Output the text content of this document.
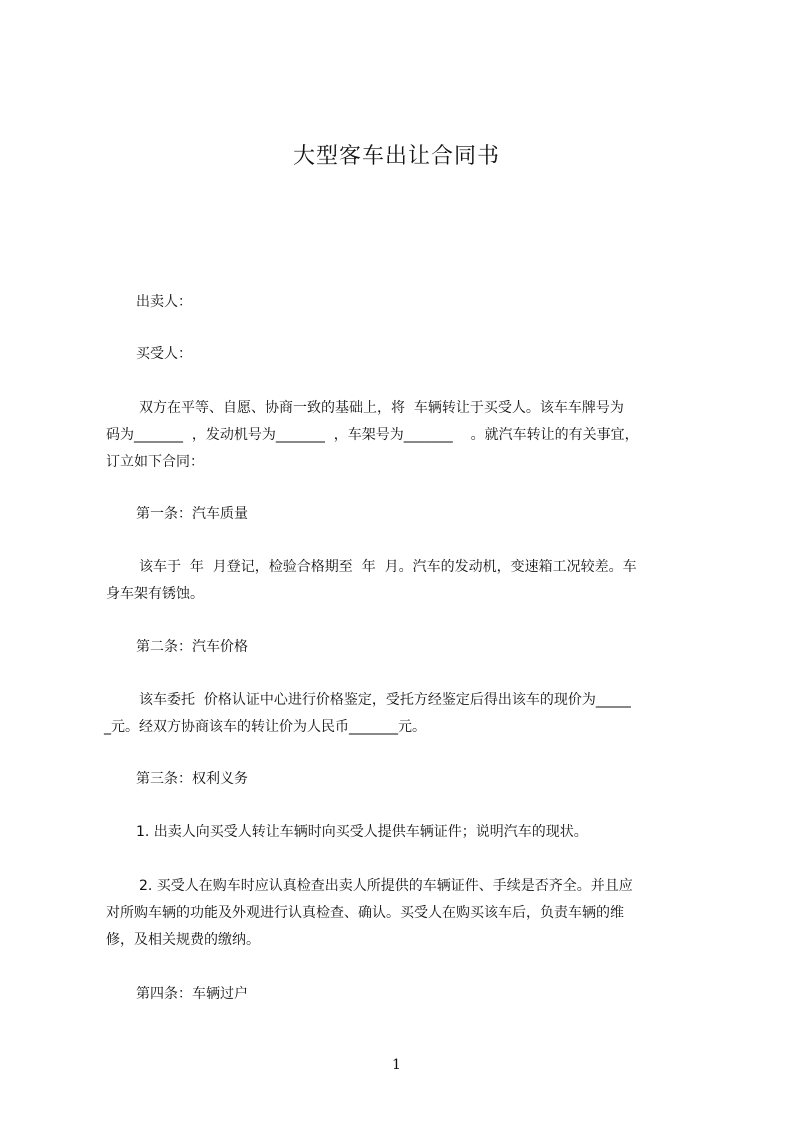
大型客车出让合同书

出卖人：

买受人：

双方在平等、自愿、协商一致的基础上，将  车辆转让于买受人。该车车牌号为

码为_______  ，发动机号为_______  ，车架号为_______    。就汽车转让的有关事宜，

订立如下合同：

第一条：汽车质量

该车于  年  月登记，检验合格期至  年  月。汽车的发动机，变速箱工况较差。车

身车架有锈蚀。

第二条：汽车价格

该车委托  价格认证中心进行价格鉴定，受托方经鉴定后得出该车的现价为_____

_元。经双方协商该车的转让价为人民币_______元。

第三条：权利义务

1. 出卖人向买受人转让车辆时向买受人提供车辆证件；说明汽车的现状。

2. 买受人在购车时应认真检查出卖人所提供的车辆证件、手续是否齐全。并且应

对所购车辆的功能及外观进行认真检查、确认。买受人在购买该车后，负责车辆的维

修，及相关规费的缴纳。

第四条：车辆过户

1
